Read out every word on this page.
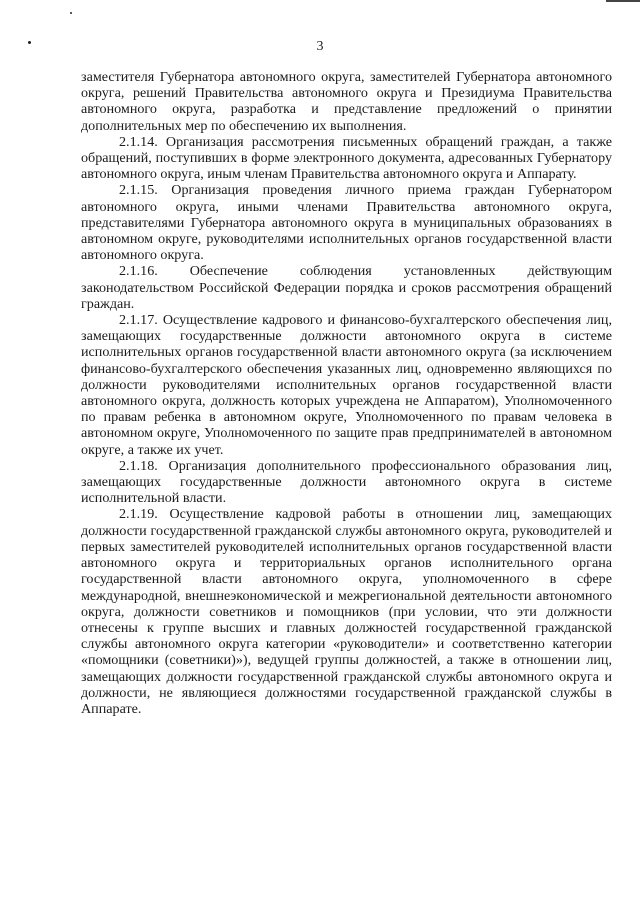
3

заместителя Губернатора автономного округа, заместителей Губернатора автономного округа, решений Правительства автономного округа и Президиума Правительства автономного округа, разработка и представление предложений о принятии дополнительных мер по обеспечению их выполнения.

2.1.14. Организация рассмотрения письменных обращений граждан, а также обращений, поступивших в форме электронного документа, адресованных Губернатору автономного округа, иным членам Правительства автономного округа и Аппарату.

2.1.15. Организация проведения личного приема граждан Губернатором автономного округа, иными членами Правительства автономного округа, представителями Губернатора автономного округа в муниципальных образованиях в автономном округе, руководителями исполнительных органов государственной власти автономного округа.

2.1.16. Обеспечение соблюдения установленных действующим законодательством Российской Федерации порядка и сроков рассмотрения обращений граждан.

2.1.17. Осуществление кадрового и финансово-бухгалтерского обеспечения лиц, замещающих государственные должности автономного округа в системе исполнительных органов государственной власти автономного округа (за исключением финансово-бухгалтерского обеспечения указанных лиц, одновременно являющихся по должности руководителями исполнительных органов государственной власти автономного округа, должность которых учреждена не Аппаратом), Уполномоченного по правам ребенка в автономном округе, Уполномоченного по правам человека в автономном округе, Уполномоченного по защите прав предпринимателей в автономном округе, а также их учет.

2.1.18. Организация дополнительного профессионального образования лиц, замещающих государственные должности автономного округа в системе исполнительной власти.

2.1.19. Осуществление кадровой работы в отношении лиц, замещающих должности государственной гражданской службы автономного округа, руководителей и первых заместителей руководителей исполнительных органов государственной власти автономного округа и территориальных органов исполнительного органа государственной власти автономного округа, уполномоченного в сфере международной, внешнеэкономической и межрегиональной деятельности автономного округа, должности советников и помощников (при условии, что эти должности отнесены к группе высших и главных должностей государственной гражданской службы автономного округа категории «руководители» и соответственно категории «помощники (советники)»), ведущей группы должностей, а также в отношении лиц, замещающих должности государственной гражданской службы автономного округа и должности, не являющиеся должностями государственной гражданской службы в Аппарате.
